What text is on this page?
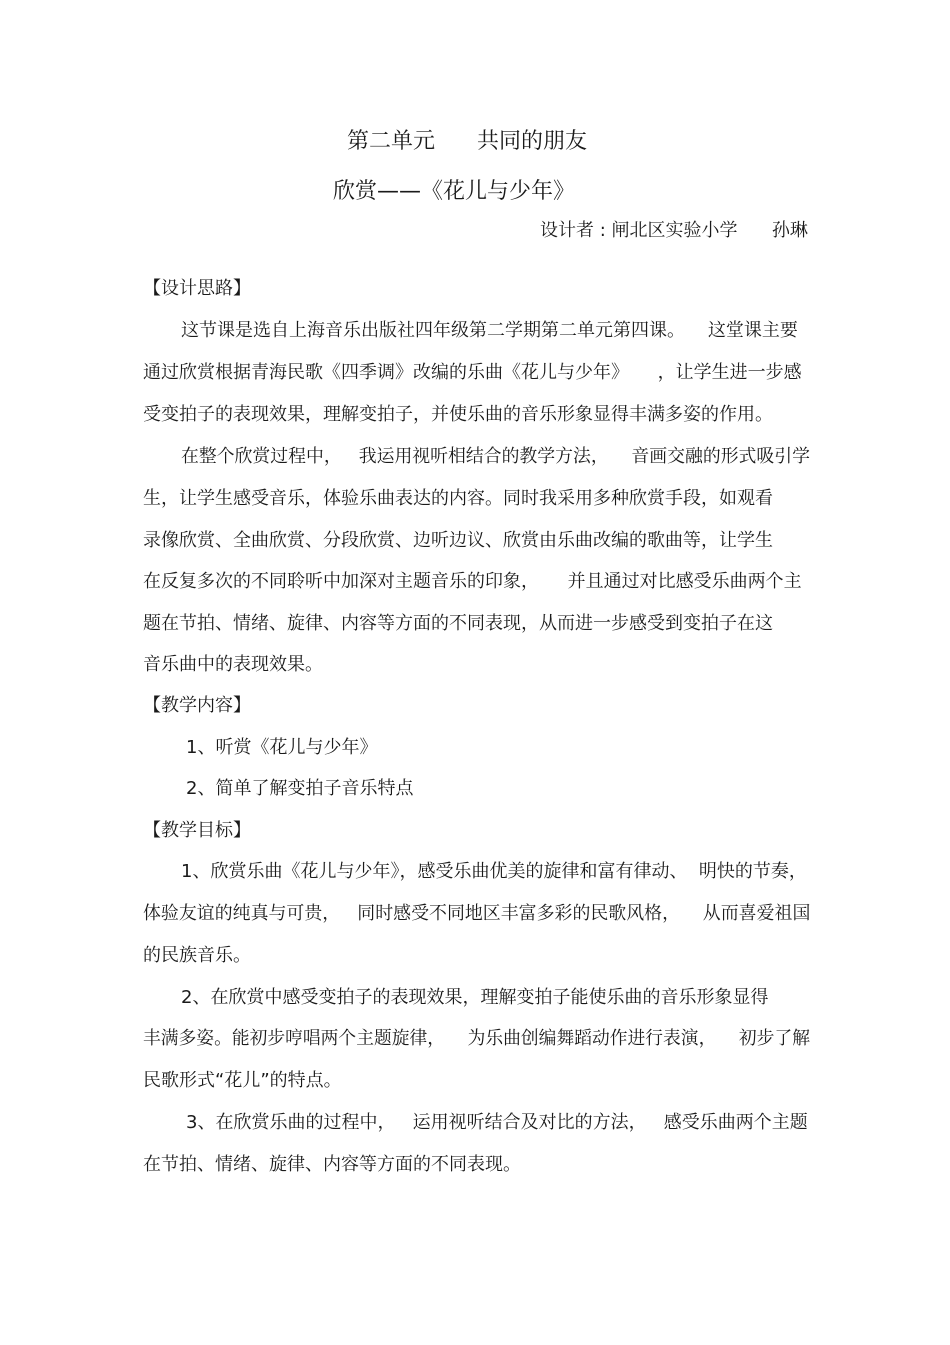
第二单元      共同的朋友
欣赏——《花儿与少年》
设计者 : 闸北区实验小学      孙琳
【设计思路】
这节课是选自上海音乐出版社四年级第二学期第二单元第四课。    这堂课主要
通过欣赏根据青海民歌《四季调》改编的乐曲《花儿与少年》     ，让学生进一步感
受变拍子的表现效果，理解变拍子，并使乐曲的音乐形象显得丰满多姿的作用。
在整个欣赏过程中，   我运用视听相结合的教学方法，    音画交融的形式吸引学
生，让学生感受音乐，体验乐曲表达的内容。同时我采用多种欣赏手段，如观看
录像欣赏、全曲欣赏、分段欣赏、边听边议、欣赏由乐曲改编的歌曲等，让学生
在反复多次的不同聆听中加深对主题音乐的印象，     并且通过对比感受乐曲两个主
题在节拍、情绪、旋律、内容等方面的不同表现，从而进一步感受到变拍子在这
音乐曲中的表现效果。
【教学内容】
1、听赏《花儿与少年》
2、简单了解变拍子音乐特点
【教学目标】
1、欣赏乐曲《花儿与少年》，感受乐曲优美的旋律和富有律动、  明快的节奏，
体验友谊的纯真与可贵，   同时感受不同地区丰富多彩的民歌风格，    从而喜爱祖国
的民族音乐。
2、在欣赏中感受变拍子的表现效果，理解变拍子能使乐曲的音乐形象显得
丰满多姿。能初步哼唱两个主题旋律，    为乐曲创编舞蹈动作进行表演，    初步了解
民歌形式“花儿”的特点。
3、在欣赏乐曲的过程中，   运用视听结合及对比的方法，   感受乐曲两个主题
在节拍、情绪、旋律、内容等方面的不同表现。
